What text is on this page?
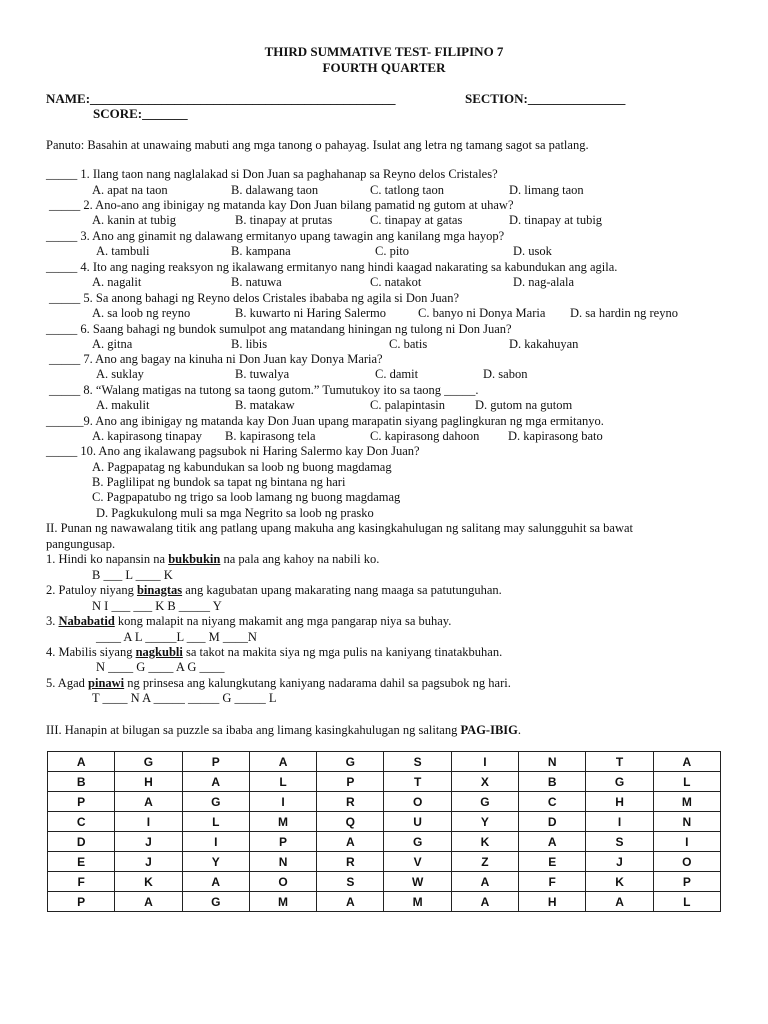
THIRD SUMMATIVE TEST- FILIPINO 7
FOURTH QUARTER
NAME:_______________________________________________	SECTION:_______________
SCORE:_______
Panuto: Basahin at unawaing mabuti ang mga tanong o pahayag. Isulat ang letra ng tamang sagot sa patlang.
_____ 1. Ilang taon nang naglalakad si Don Juan sa paghahanap sa Reyno delos Cristales?
A. apat na taon	B. dalawang taon	C. tatlong taon	D. limang taon
_____ 2. Ano-ano ang ibinigay ng matanda kay Don Juan bilang pamatid ng gutom at uhaw?
A. kanin at tubig	B. tinapay at prutas	C. tinapay at gatas	D. tinapay at tubig
_____ 3. Ano ang ginamit ng dalawang ermitanyo upang tawagin ang kanilang mga hayop?
A. tambuli	B. kampana	C. pito	D. usok
_____ 4. Ito ang naging reaksyon ng ikalawang ermitanyo nang hindi kaagad nakarating sa kabundukan ang agila.
A. nagalit	B. natuwa	C. natakot	D. nag-alala
_____ 5. Sa anong bahagi ng Reyno delos Cristales ibababa ng agila si Don Juan?
A. sa loob ng reyno	B. kuwarto ni Haring Salermo	C. banyo ni Donya Maria D. sa hardin ng reyno
_____ 6. Saang bahagi ng bundok sumulpot ang matandang hiningan ng tulong ni Don Juan?
A. gitna	B. libis	C. batis	D. kakahuyan
_____ 7. Ano ang bagay na kinuha ni Don Juan kay Donya Maria?
A. suklay	B. tuwalya	C. damit	D. sabon
_____ 8. “Walang matigas na tutong sa taong gutom.” Tumutukoy ito sa taong _____.
A. makulit	B. matakaw	C. palapintasin D. gutom na gutom
______9. Ano ang ibinigay ng matanda kay Don Juan upang marapatin siyang paglingkuran ng mga ermitanyo.
A. kapirasong tinapay B. kapirasong tela	C. kapirasong dahoon D. kapirasong bato
_____ 10. Ano ang ikalawang pagsubok ni Haring Salermo kay Don Juan?
A. Pagpapatag ng kabundukan sa loob ng buong magdamag
B. Paglilipat ng bundok sa tapat ng bintana ng hari
C. Pagpapatubo ng trigo sa loob lamang ng buong magdamag
D. Pagkukulong muli sa mga Negrito sa loob ng prasko
II. Punan ng nawawalang titik ang patlang upang makuha ang kasingkahulugan ng salitang may salungguhit sa bawat
pangungusap.
1. Hindi ko napansin na bukbukin na pala ang kahoy na nabili ko.
B ___ L ____ K
2. Patuloy niyang binagtas ang kagubatan upang makarating nang maaga sa patutunguhan.
N I ___ ___ K B _____ Y
3. Nababatid kong malapit na niyang makamit ang mga pangarap niya sa buhay.
____ A L _____L ___ M ____N
4. Mabilis siyang nagkubli sa takot na makita siya ng mga pulis na kaniyang tinatakbuhan.
N ____ G ____ A G ____
5. Agad pinawi ng prinsesa ang kalungkutang kaniyang nadarama dahil sa pagsubok ng hari.
T ____ N A _____ _____ G _____ L
III. Hanapin at bilugan sa puzzle sa ibaba ang limang kasingkahulugan ng salitang PAG-IBIG.
A	G	P	A	G	S	I	N	T	A
B	H	A	L	P	T	X	B	G	L
P	A	G	I	R	O	G	C	H	M
C	I	L	M	Q	U	Y	D	I	N
D	J	I	P	A	G	K	A	S	I
E	J	Y	N	R	V	Z	E	J	O
F	K	A	O	S	W	A	F	K	P
P	A	G	M	A	M	A	H	A	L
